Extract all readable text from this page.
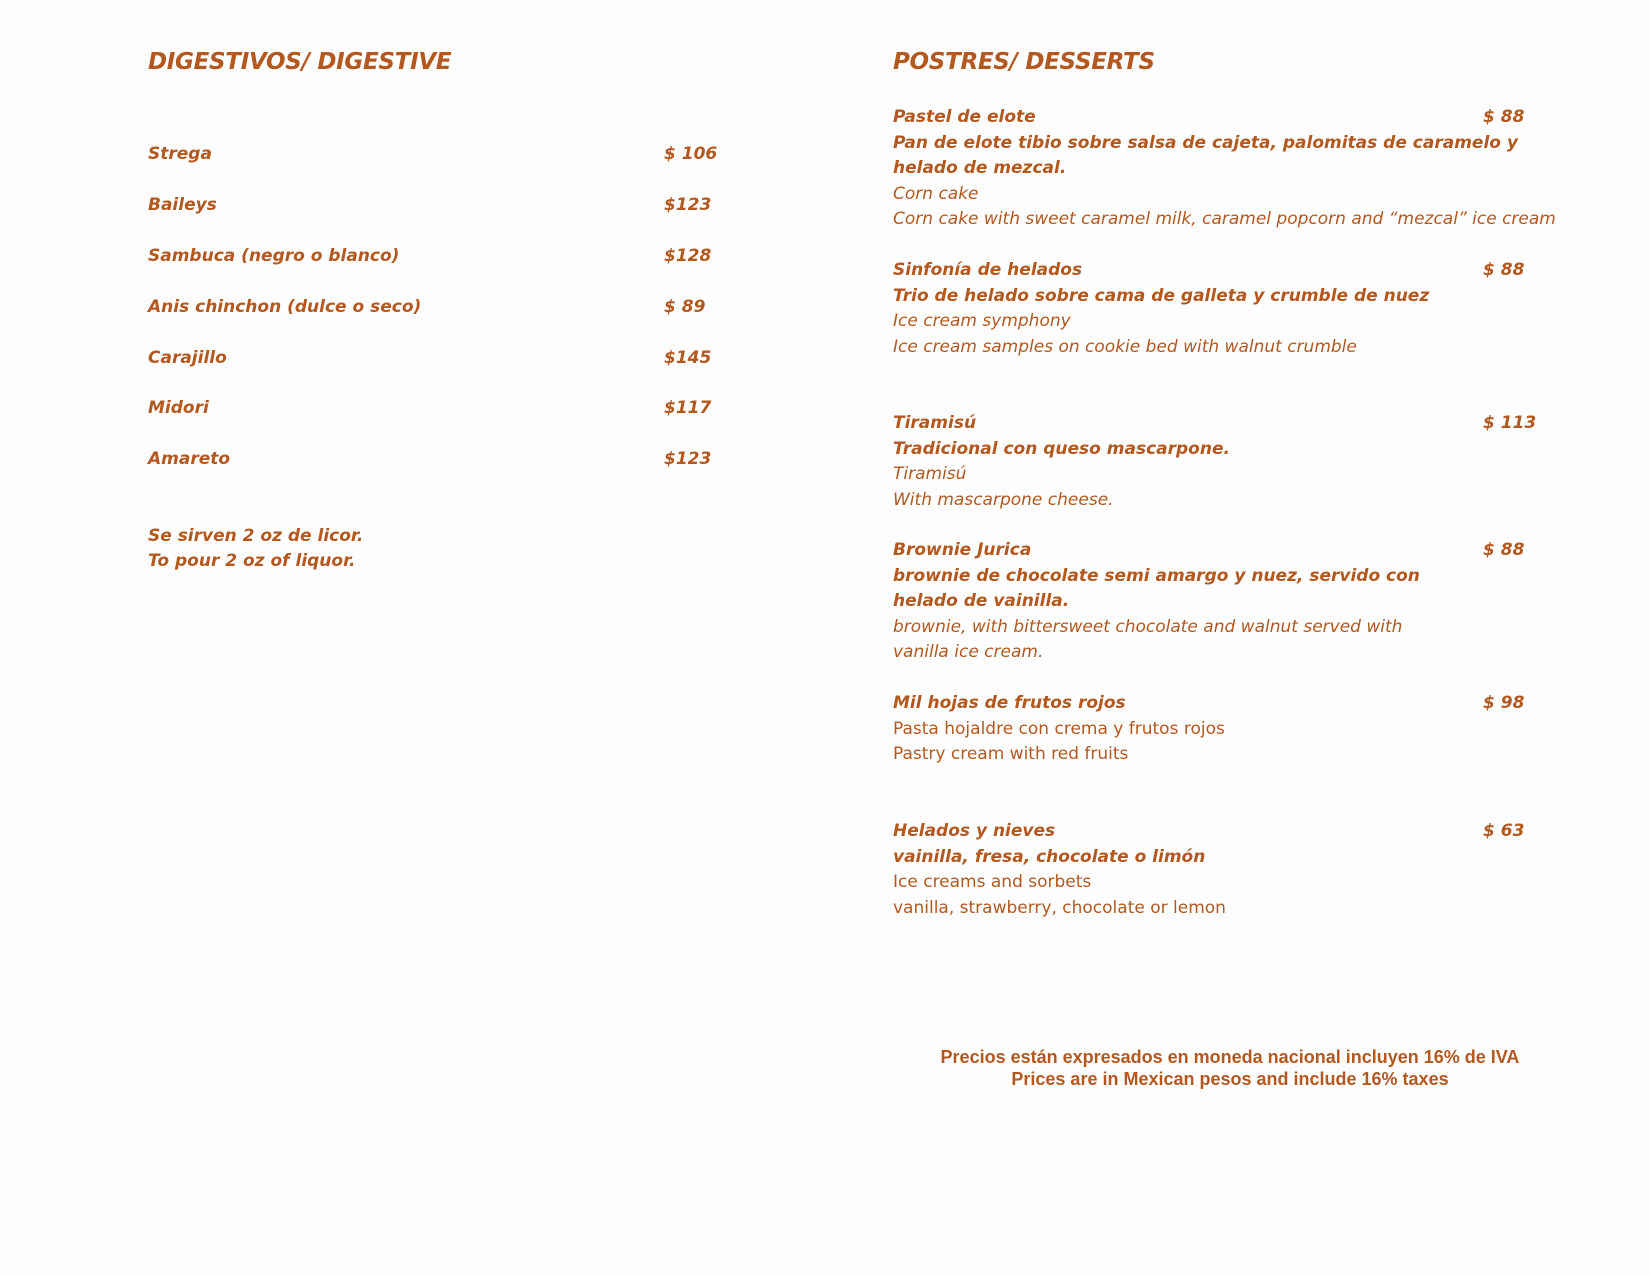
DIGESTIVOS/ DIGESTIVE
Strega	$ 106
Baileys	$123
Sambuca (negro o blanco)	$128
Anis chinchon (dulce o seco)	$ 89
Carajillo	$145
Midori	$117
Amareto	$123
Se sirven 2 oz de licor.
To pour 2 oz of liquor.
POSTRES/ DESSERTS
Pastel de elote	$ 88
Pan de elote tibio sobre salsa de cajeta, palomitas de caramelo y helado de mezcal.
Corn cake
Corn cake with sweet caramel milk, caramel popcorn and “mezcal” ice cream
Sinfonía de helados	$ 88
Trio de helado sobre cama de galleta y crumble de nuez
Ice cream symphony
Ice cream samples on cookie bed with walnut crumble
Tiramisú	$ 113
Tradicional con queso mascarpone.
Tiramisú
With mascarpone cheese.
Brownie Jurica	$ 88
brownie de chocolate semi amargo y nuez, servido con helado de vainilla.
brownie, with bittersweet chocolate and walnut served with
vanilla ice cream.
Mil hojas de frutos rojos	$ 98
Pasta hojaldre con crema y frutos rojos
Pastry cream with red fruits
Helados y nieves	$ 63
vainilla, fresa, chocolate o limón
Ice creams and sorbets
vanilla, strawberry, chocolate or lemon
Precios están expresados en moneda nacional incluyen 16% de IVA
Prices are in Mexican pesos and include 16% taxes
